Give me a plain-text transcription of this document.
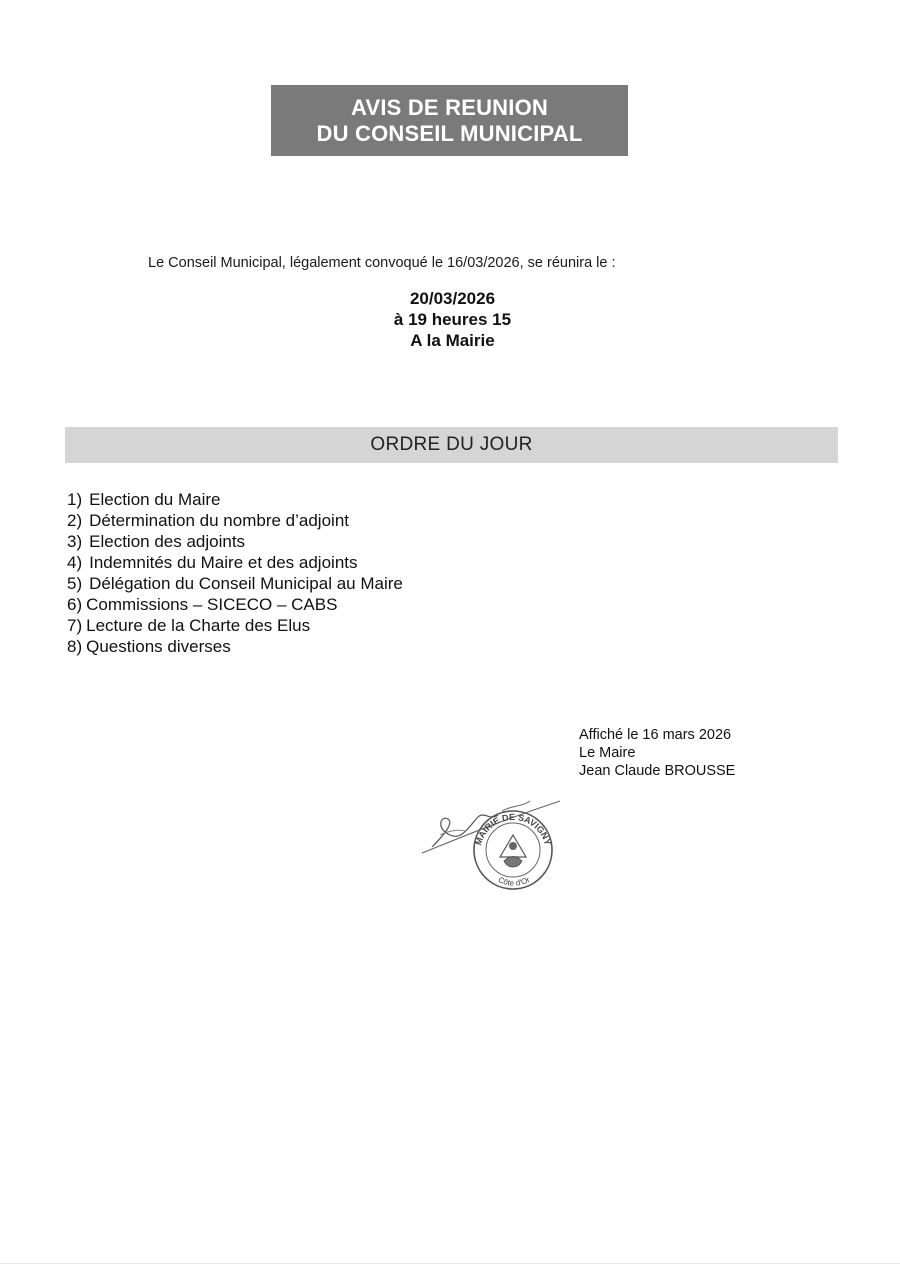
AVIS DE REUNION
DU CONSEIL MUNICIPAL
Le Conseil Municipal, légalement convoqué le 16/03/2026, se réunira le :
20/03/2026
à 19 heures 15
A la Mairie
ORDRE DU JOUR
1) Election du Maire
2) Détermination du nombre d’adjoint
3) Election des adjoints
4) Indemnités du Maire et des adjoints
5) Délégation du Conseil Municipal au Maire
6) Commissions – SICECO – CABS
7) Lecture de la Charte des Elus
8) Questions diverses
Affiché le 16 mars 2026
Le Maire
Jean Claude BROUSSE
MAIRIE DE SAVIGNY
Côte d'Or
